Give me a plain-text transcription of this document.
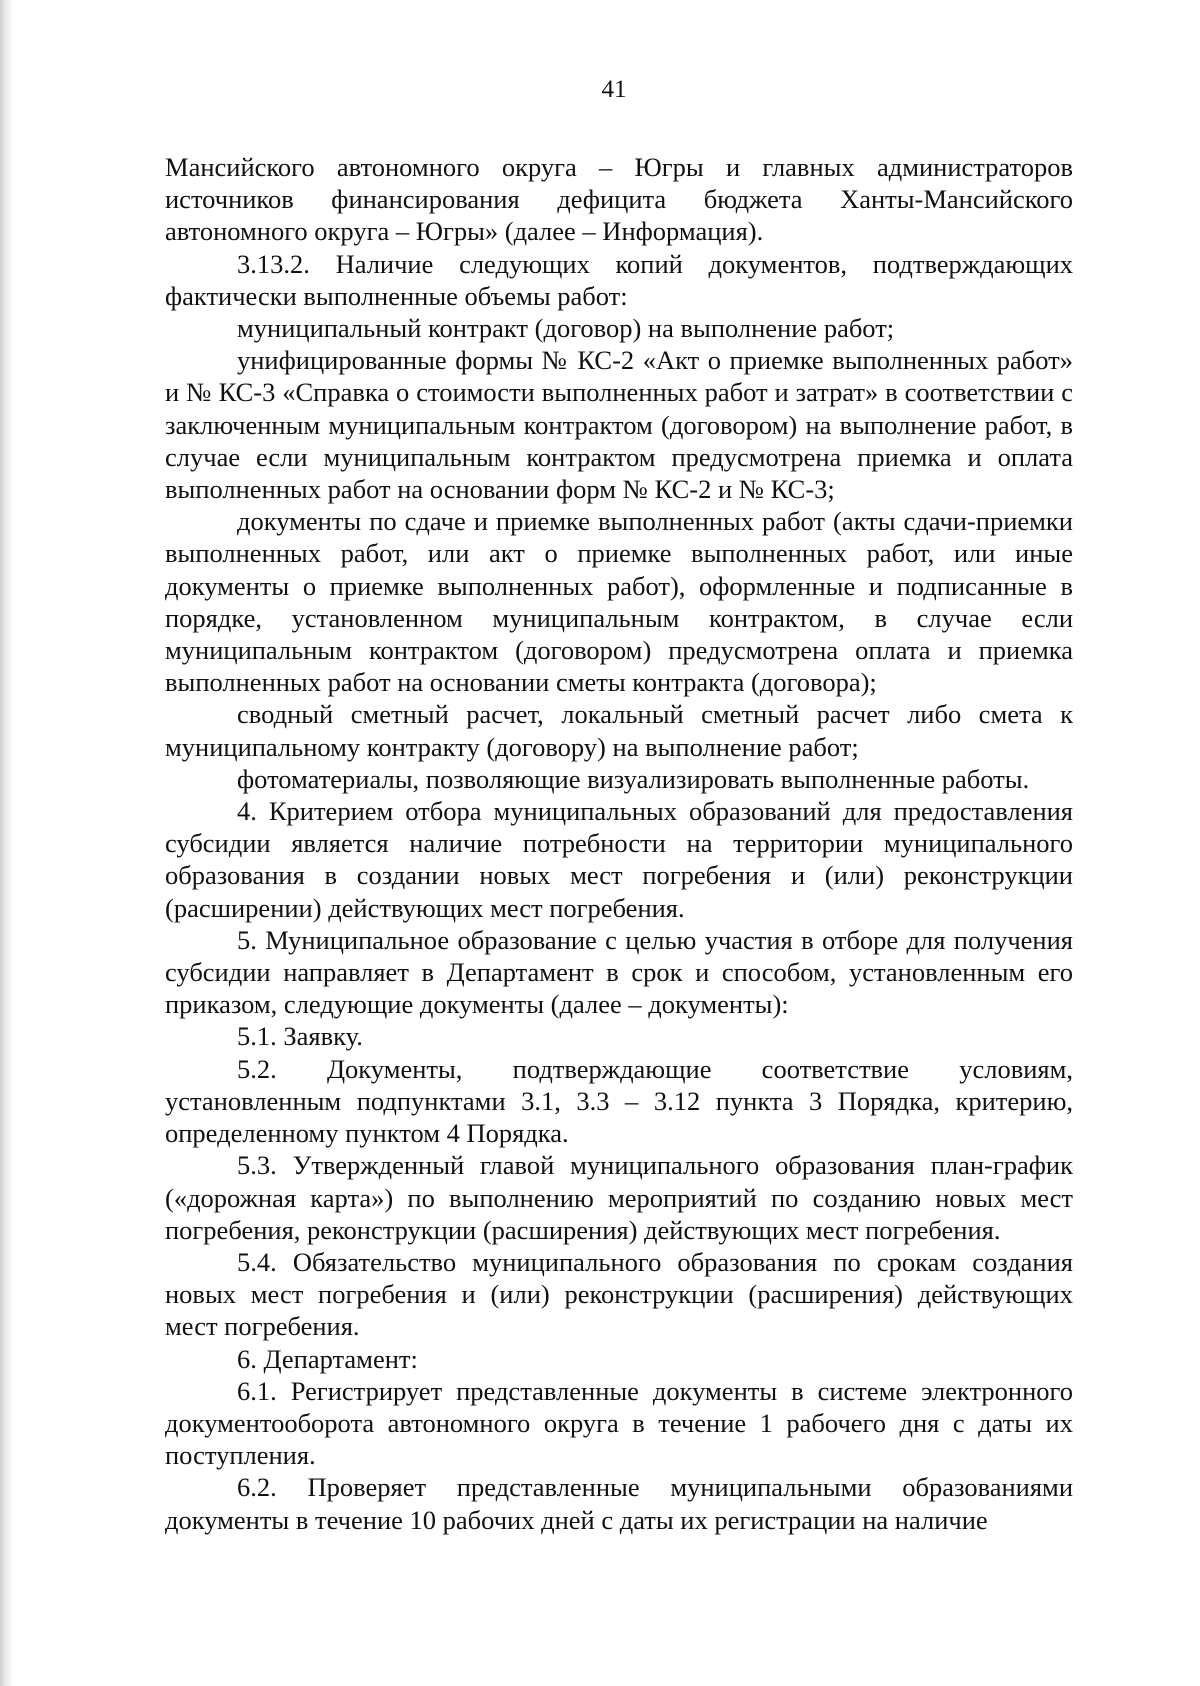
41

Мансийского автономного округа – Югры и главных администраторов источников финансирования дефицита бюджета Ханты-Мансийского автономного округа – Югры» (далее – Информация).

3.13.2. Наличие следующих копий документов, подтверждающих фактически выполненные объемы работ:

муниципальный контракт (договор) на выполнение работ;

унифицированные формы № КС-2 «Акт о приемке выполненных работ» и № КС-3 «Справка о стоимости выполненных работ и затрат» в соответствии с заключенным муниципальным контрактом (договором) на выполнение работ, в случае если муниципальным контрактом предусмотрена приемка и оплата выполненных работ на основании форм № КС-2 и № КС-3;

документы по сдаче и приемке выполненных работ (акты сдачи-приемки выполненных работ, или акт о приемке выполненных работ, или иные документы о приемке выполненных работ), оформленные и подписанные в порядке, установленном муниципальным контрактом, в случае если муниципальным контрактом (договором) предусмотрена оплата и приемка выполненных работ на основании сметы контракта (договора);

сводный сметный расчет, локальный сметный расчет либо смета к муниципальному контракту (договору) на выполнение работ;

фотоматериалы, позволяющие визуализировать выполненные работы.

4. Критерием отбора муниципальных образований для предоставления субсидии является наличие потребности на территории муниципального образования в создании новых мест погребения и (или) реконструкции (расширении) действующих мест погребения.

5. Муниципальное образование с целью участия в отборе для получения субсидии направляет в Департамент в срок и способом, установленным его приказом, следующие документы (далее – документы):

5.1. Заявку.

5.2. Документы, подтверждающие соответствие условиям, установленным подпунктами 3.1, 3.3 – 3.12 пункта 3 Порядка, критерию, определенному пунктом 4 Порядка.

5.3. Утвержденный главой муниципального образования план-график («дорожная карта») по выполнению мероприятий по созданию новых мест погребения, реконструкции (расширения) действующих мест погребения.

5.4. Обязательство муниципального образования по срокам создания новых мест погребения и (или) реконструкции (расширения) действующих мест погребения.

6. Департамент:

6.1. Регистрирует представленные документы в системе электронного документооборота автономного округа в течение 1 рабочего дня с даты их поступления.

6.2. Проверяет представленные муниципальными образованиями документы в течение 10 рабочих дней с даты их регистрации на наличие
